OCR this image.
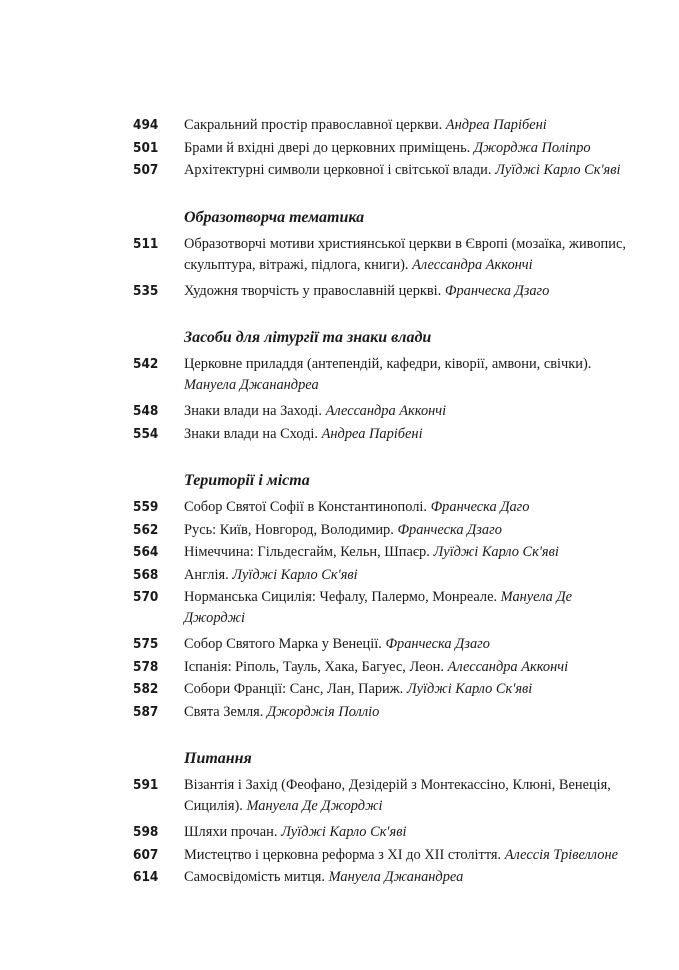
494	Сакральний простір православної церкви. Андреа Парібені
501	Брами й вхідні двері до церковних приміщень. Джорджа Поліпро
507	Архітектурні символи церковної і світської влади. Луїджі Карло Ск'яві
Образотворча тематика
511	Образотворчі мотиви християнської церкви в Європі (мозаїка, живопис, скульптура, вітражі, підлога, книги). Алессандра Аккончі
535	Художня творчість у православній церкві. Франческа Дзаго
Засоби для літургії та знаки влади
542	Церковне приладдя (антепендій, кафедри, ківорії, амвони, свічки). Мануела Джанандреа
548	Знаки влади на Заході. Алессандра Аккончі
554	Знаки влади на Сході. Андреа Парібені
Території і міста
559	Собор Святої Софії в Константинополі. Франческа Даго
562	Русь: Київ, Новгород, Володимир. Франческа Дзаго
564	Німеччина: Гільдесгайм, Кельн, Шпаєр. Луїджі Карло Ск'яві
568	Англія. Луїджі Карло Ск'яві
570	Норманська Сицилія: Чефалу, Палермо, Монреале. Мануела Де Джорджі
575	Собор Святого Марка у Венеції. Франческа Дзаго
578	Іспанія: Ріполь, Тауль, Хака, Багуес, Леон. Алессандра Аккончі
582	Собори Франції: Санс, Лан, Париж. Луїджі Карло Ск'яві
587	Свята Земля. Джорджія Полліо
Питання
591	Візантія і Захід (Феофано, Дезідерій з Монтекассіно, Клюні, Венеція, Сицилія). Мануела Де Джорджі
598	Шляхи прочан. Луїджі Карло Ск'яві
607	Мистецтво і церковна реформа з ХІ до ХІІ століття. Алессія Трівеллоне
614	Самосвідомість митця. Мануела Джанандреа
